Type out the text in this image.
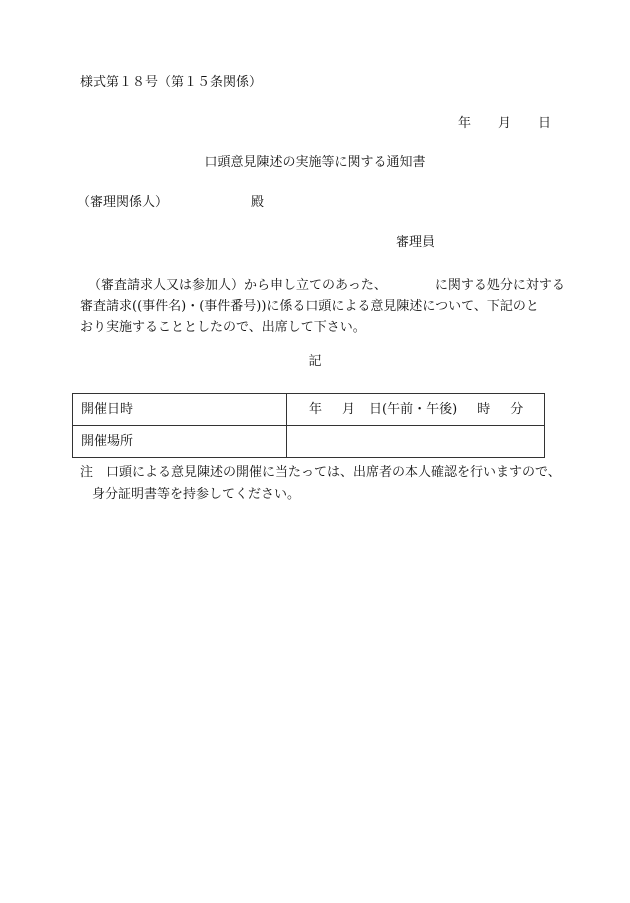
様式第１８号（第１５条関係）
年 月 日
口頭意見陳述の実施等に関する通知書
（審理関係人）	殿
審理員
（審査請求人又は参加人）から申し立てのあった、	に関する処分に対する
審査請求((事件名)・(事件番号))に係る口頭による意見陳述について、下記のと
おり実施することとしたので、出席して下さい。
記
開催日時	年 月 日(午前・午後) 時 分
開催場所	
注　口頭による意見陳述の開催に当たっては、出席者の本人確認を行いますので、
身分証明書等を持参してください。
